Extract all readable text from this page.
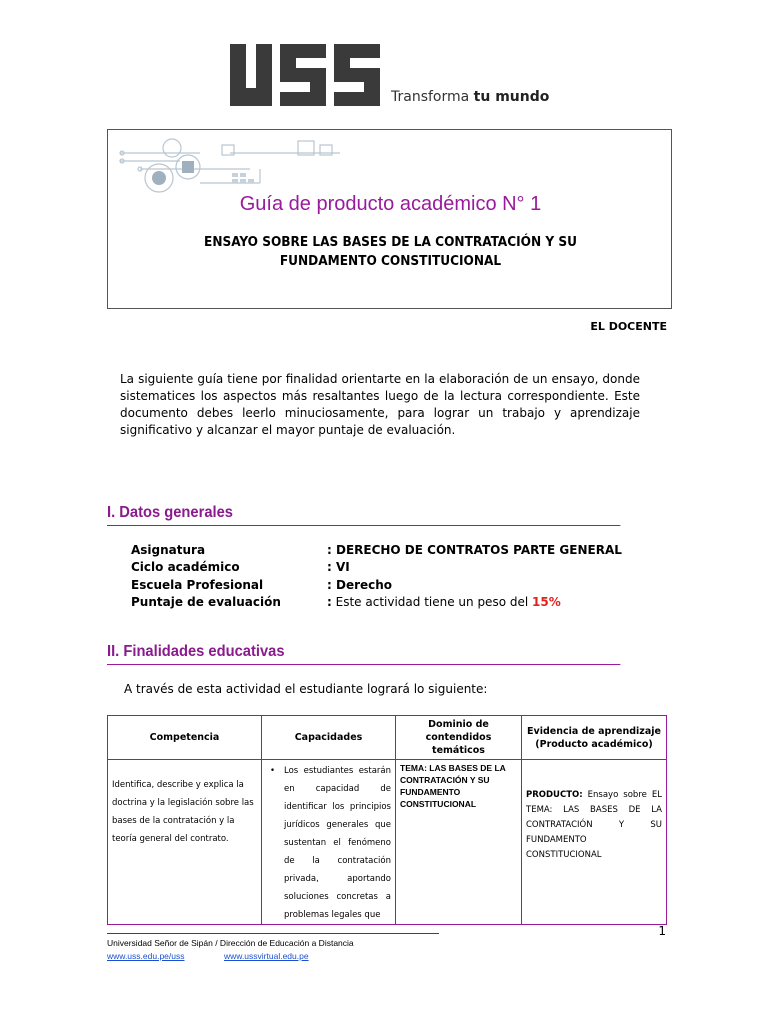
Transforma tu mundo
Guía de producto académico N° 1
ENSAYO SOBRE LAS BASES DE LA CONTRATACIÓN Y SU
FUNDAMENTO CONSTITUCIONAL
EL DOCENTE
La siguiente guía tiene por finalidad orientarte en la elaboración de un ensayo, donde sistematices los aspectos más resaltantes luego de la lectura correspondiente. Este documento debes leerlo minuciosamente, para lograr un trabajo y aprendizaje significativo y alcanzar el mayor puntaje de evaluación.
I. Datos generales
Asignatura	: DERECHO DE CONTRATOS PARTE GENERAL
Ciclo académico	: VI
Escuela Profesional	: Derecho
Puntaje de evaluación	: Este actividad tiene un peso del 15%
II. Finalidades educativas
A través de esta actividad el estudiante logrará lo siguiente:
Competencia	Capacidades	Dominio de contendidos temáticos	Evidencia de aprendizaje (Producto académico)

Identifica, describe y explica la doctrina y la legislación sobre las bases de la contratación y la teoría general del contrato.	• Los estudiantes estarán en capacidad de identificar los principios jurídicos generales que sustentan el fenómeno de la contratación privada, aportando soluciones concretas a problemas legales que	TEMA: LAS BASES DE LA CONTRATACIÓN Y SU FUNDAMENTO CONSTITUCIONAL	PRODUCTO: Ensayo sobre EL TEMA: LAS BASES DE LA CONTRATACIÓN Y SU FUNDAMENTO CONSTITUCIONAL
1
Universidad Señor de Sipán / Dirección de Educación a Distancia
www.uss.edu.pe/uss	www.ussvirtual.edu.pe
